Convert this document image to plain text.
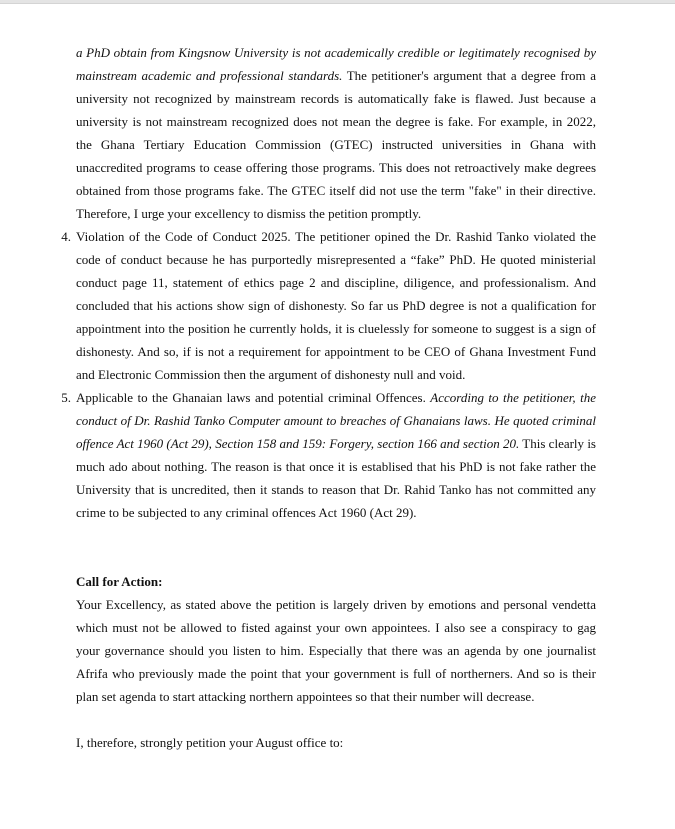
a PhD obtain from Kingsnow University is not academically credible or legitimately recognised by mainstream academic and professional standards. The petitioner's argument that a degree from a university not recognized by mainstream records is automatically fake is flawed. Just because a university is not mainstream recognized does not mean the degree is fake. For example, in 2022, the Ghana Tertiary Education Commission (GTEC) instructed universities in Ghana with unaccredited programs to cease offering those programs. This does not retroactively make degrees obtained from those programs fake. The GTEC itself did not use the term "fake" in their directive. Therefore, I urge your excellency to dismiss the petition promptly.

4. Violation of the Code of Conduct 2025. The petitioner opined the Dr. Rashid Tanko violated the code of conduct because he has purportedly misrepresented a “fake” PhD. He quoted ministerial conduct page 11, statement of ethics page 2 and discipline, diligence, and professionalism. And concluded that his actions show sign of dishonesty. So far us PhD degree is not a qualification for appointment into the position he currently holds, it is cluelessly for someone to suggest is a sign of dishonesty. And so, if is not a requirement for appointment to be CEO of Ghana Investment Fund and Electronic Commission then the argument of dishonesty null and void.
5. Applicable to the Ghanaian laws and potential criminal Offences. According to the petitioner, the conduct of Dr. Rashid Tanko Computer amount to breaches of Ghanaians laws. He quoted criminal offence Act 1960 (Act 29), Section 158 and 159: Forgery, section 166 and section 20. This clearly is much ado about nothing. The reason is that once it is establised that his PhD is not fake rather the University that is uncredited, then it stands to reason that Dr. Rahid Tanko has not committed any crime to be subjected to any criminal offences Act 1960 (Act 29).

Call for Action:

Your Excellency, as stated above the petition is largely driven by emotions and personal vendetta which must not be allowed to fisted against your own appointees. I also see a conspiracy to gag your governance should you listen to him. Especially that there was an agenda by one journalist Afrifa who previously made the point that your government is full of northerners. And so is their plan set agenda to start attacking northern appointees so that their number will decrease.

I, therefore, strongly petition your August office to:
